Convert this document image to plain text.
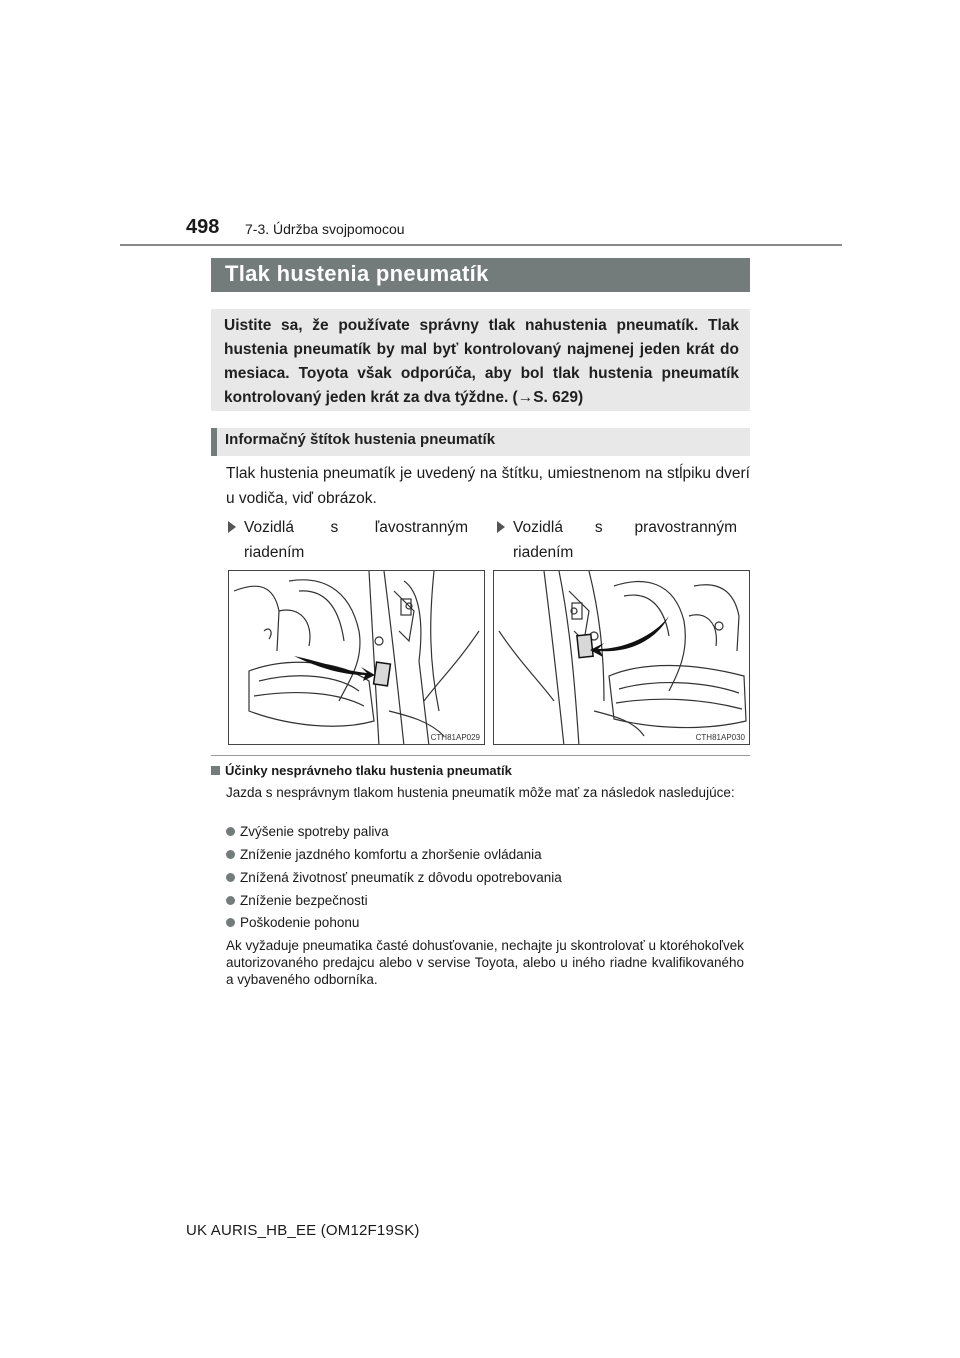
498 7-3. Údržba svojpomocou
Tlak hustenia pneumatík
Uistite sa, že používate správny tlak nahustenia pneumatík. Tlak hustenia pneumatík by mal byť kontrolovaný najmenej jeden krát do mesiaca. Toyota však odporúča, aby bol tlak hustenia pneumatík kontrolovaný jeden krát za dva týždne. (→S. 629)
Informačný štítok hustenia pneumatík
Tlak hustenia pneumatík je uvedený na štítku, umiestnenom na stĺpiku dverí u vodiča, viď obrázok.
Vozidlá s ľavostranným riadením
Vozidlá s pravostranným riadením
CTH81AP029	CTH81AP030
Účinky nesprávneho tlaku hustenia pneumatík
Jazda s nesprávnym tlakom hustenia pneumatík môže mať za následok nasledujúce:
Zvýšenie spotreby paliva
Zníženie jazdného komfortu a zhoršenie ovládania
Znížená životnosť pneumatík z dôvodu opotrebovania
Zníženie bezpečnosti
Poškodenie pohonu
Ak vyžaduje pneumatika časté dohusťovanie, nechajte ju skontrolovať u ktoréhokoľvek autorizovaného predajcu alebo v servise Toyota, alebo u iného riadne kvalifikovaného a vybaveného odborníka.
UK AURIS_HB_EE (OM12F19SK)
